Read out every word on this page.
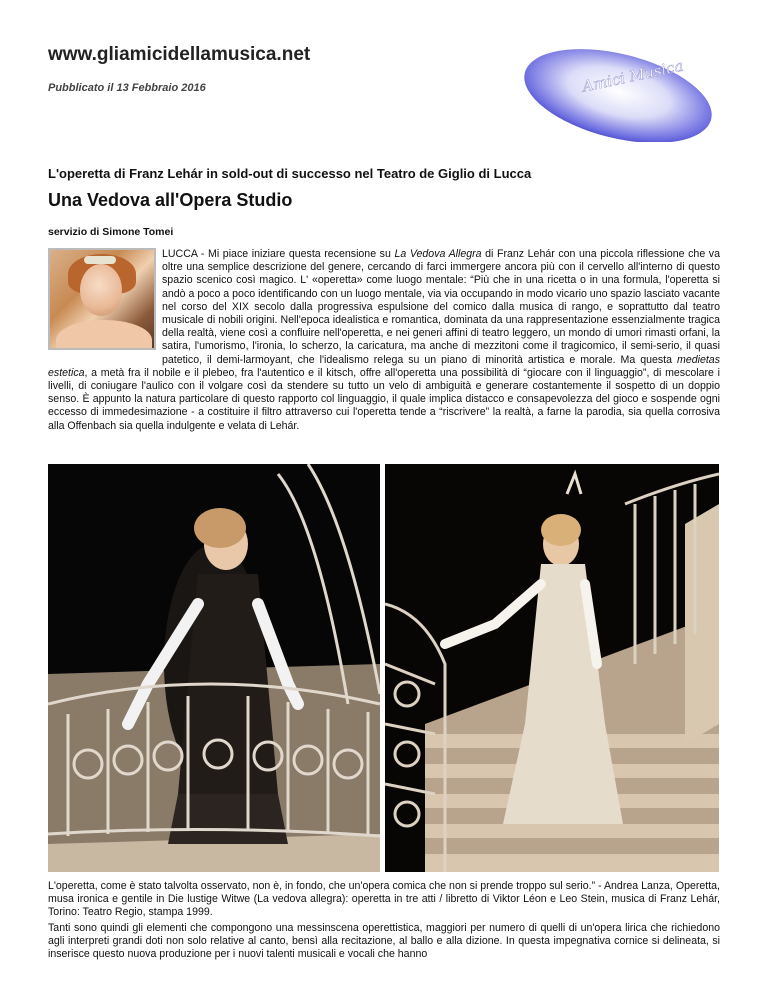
www.gliamicidellamusica.net
Pubblicato il 13 Febbraio 2016	Amici Musica
L'operetta di Franz Lehár in sold-out di successo nel Teatro de Giglio di Lucca
Una Vedova all'Opera Studio
servizio di Simone Tomei
LUCCA - Mi piace iniziare questa recensione su La Vedova Allegra di Franz Lehár con una piccola riflessione che va oltre una semplice descrizione del genere, cercando di farci immergere ancora più con il cervello all'interno di questo spazio scenico così magico. L' «operetta» come luogo mentale: “Più che in una ricetta o in una formula, l'operetta si andò a poco a poco identificando con un luogo mentale, via via occupando in modo vicario uno spazio lasciato vacante nel corso del XIX secolo dalla progressiva espulsione del comico dalla musica di rango, e soprattutto dal teatro musicale di nobili origini. Nell'epoca idealistica e romantica, dominata da una rappresentazione essenzialmente tragica della realtà, viene così a confluire nell'operetta, e nei generi affini di teatro leggero, un mondo di umori rimasti orfani, la satira, l'umorismo, l'ironia, lo scherzo, la caricatura, ma anche di mezzitoni come il tragicomico, il semi-serio, il quasi patetico, il demi-larmoyant, che l'idealismo relega su un piano di minorità artistica e morale. Ma questa medietas estetica, a metà fra il nobile e il plebeo, fra l'autentico e il kitsch, offre all'operetta una possibilità di “giocare con il linguaggio”, di mescolare i livelli, di coniugare l'aulico con il volgare così da stendere su tutto un velo di ambiguità e generare costantemente il sospetto di un doppio senso. È appunto la natura particolare di questo rapporto col linguaggio, il quale implica distacco e consapevolezza del gioco e sospende ogni eccesso di immedesimazione - a costituire il filtro attraverso cui l'operetta tende a “riscrivere” la realtà, a farne la parodia, sia quella corrosiva alla Offenbach sia quella indulgente e velata di Lehár.
L'operetta, come è stato talvolta osservato, non è, in fondo, che un'opera comica che non si prende troppo sul serio.” - Andrea Lanza, Operetta, musa ironica e gentile in Die lustige Witwe (La vedova allegra): operetta in tre atti / libretto di Viktor Léon e Leo Stein, musica di Franz Lehár, Torino: Teatro Regio, stampa 1999.
Tanti sono quindi gli elementi che compongono una messinscena operettistica, maggiori per numero di quelli di un'opera lirica che richiedono agli interpreti grandi doti non solo relative al canto, bensì alla recitazione, al ballo e alla dizione. In questa impegnativa cornice si delineata, si inserisce questo nuova produzione per i nuovi talenti musicali e vocali che hanno
